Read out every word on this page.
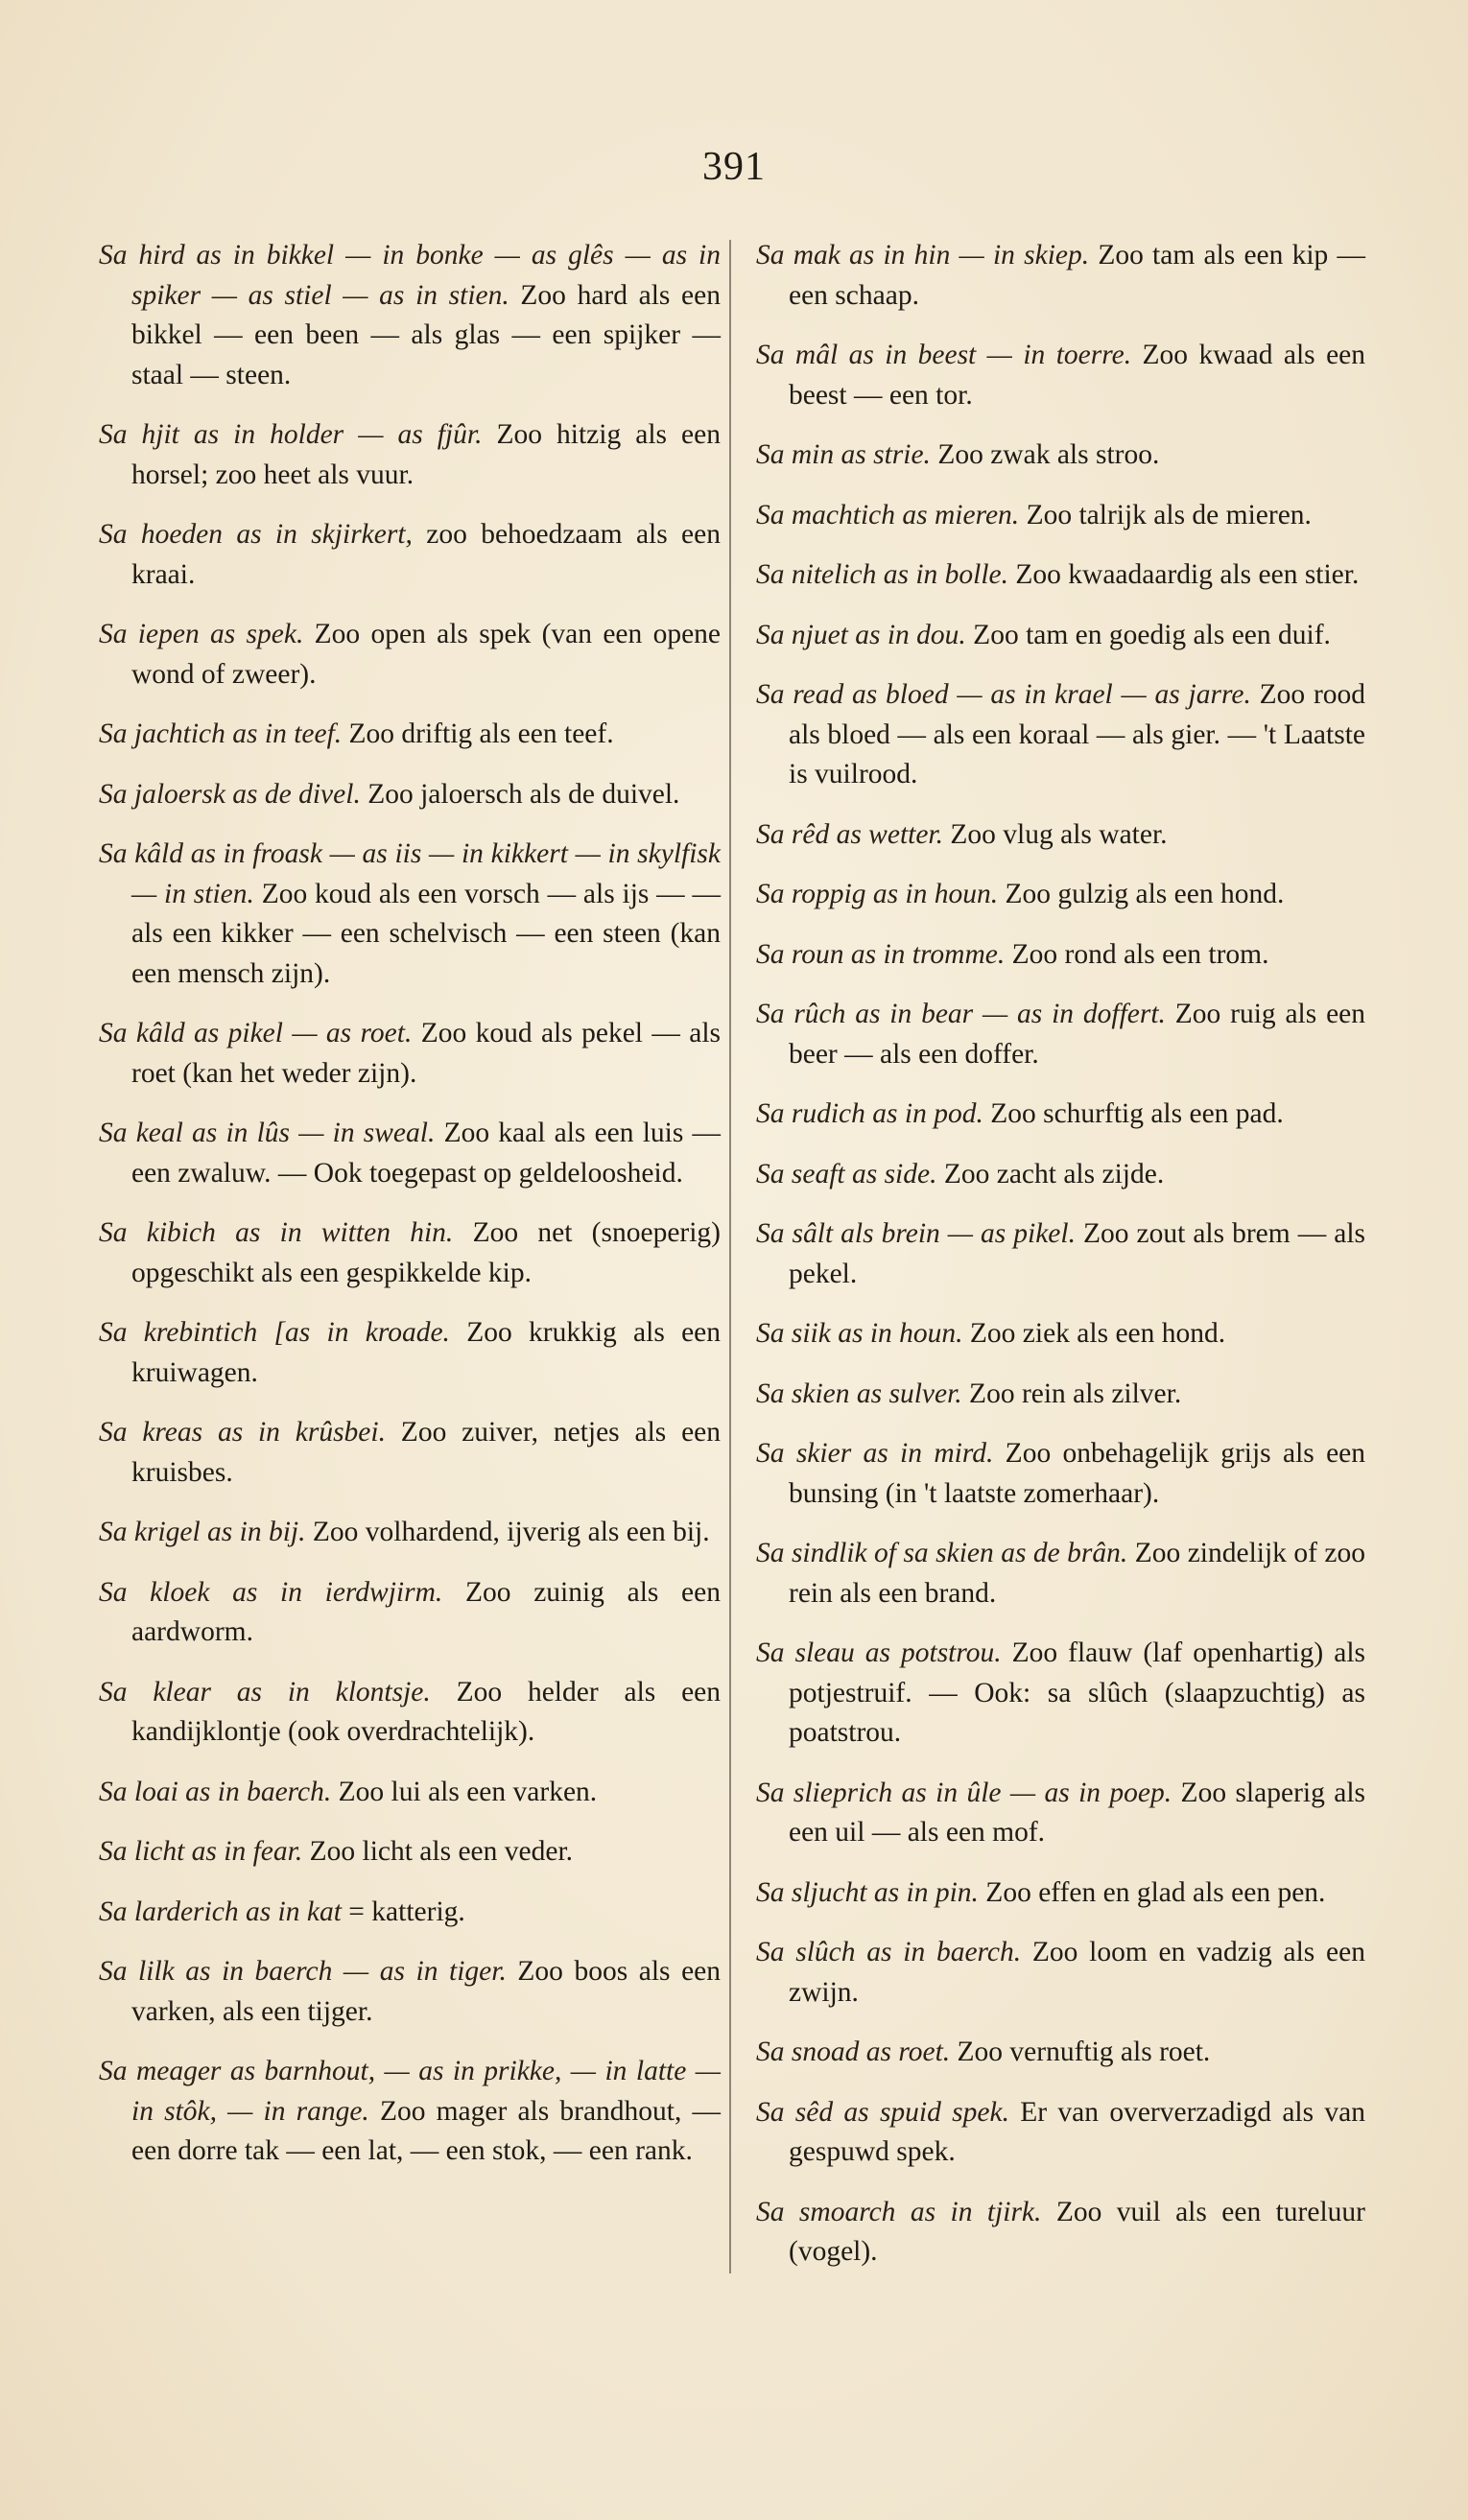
391

Sa hird as in bikkel — in bonke — as glês — as in spiker — as stiel — as in stien. Zoo hard als een bikkel — een been — als glas — een spijker — staal — steen.

Sa hjit as in holder — as fjûr. Zoo hitzig als een horsel; zoo heet als vuur.

Sa hoeden as in skjirkert, zoo behoedzaam als een kraai.

Sa iepen as spek. Zoo open als spek (van een opene wond of zweer).

Sa jachtich as in teef. Zoo driftig als een teef.

Sa jaloersk as de divel. Zoo jaloersch als de duivel.

Sa kâld as in froask — as iis — in kikkert — in skylfisk — in stien. Zoo koud als een vorsch — als ijs — — als een kikker — een schelvisch — een steen (kan een mensch zijn).

Sa kâld as pikel — as roet. Zoo koud als pekel — als roet (kan het weder zijn).

Sa keal as in lûs — in sweal. Zoo kaal als een luis — een zwaluw. — Ook toegepast op geldeloosheid.

Sa kibich as in witten hin. Zoo net (snoeperig) opgeschikt als een gespikkelde kip.

Sa krebintich [as in kroade. Zoo krukkig als een kruiwagen.

Sa kreas as in krûsbei. Zoo zuiver, netjes als een kruisbes.

Sa krigel as in bij. Zoo volhardend, ijverig als een bij.

Sa kloek as in ierdwjirm. Zoo zuinig als een aardworm.

Sa klear as in klontsje. Zoo helder als een kandijklontje (ook overdrachtelijk).

Sa loai as in baerch. Zoo lui als een varken.

Sa licht as in fear. Zoo licht als een veder.

Sa larderich as in kat = katterig.

Sa lilk as in baerch — as in tiger. Zoo boos als een varken, als een tijger.

Sa meager as barnhout, — as in prikke, — in latte — in stôk, — in range. Zoo mager als brandhout, — een dorre tak — een lat, — een stok, — een rank.

Sa mak as in hin — in skiep. Zoo tam als een kip — een schaap.

Sa mâl as in beest — in toerre. Zoo kwaad als een beest — een tor.

Sa min as strie. Zoo zwak als stroo.

Sa machtich as mieren. Zoo talrijk als de mieren.

Sa nitelich as in bolle. Zoo kwaadaardig als een stier.

Sa njuet as in dou. Zoo tam en goedig als een duif.

Sa read as bloed — as in krael — as jarre. Zoo rood als bloed — als een koraal — als gier. — 't Laatste is vuilrood.

Sa rêd as wetter. Zoo vlug als water.

Sa roppig as in houn. Zoo gulzig als een hond.

Sa roun as in tromme. Zoo rond als een trom.

Sa rûch as in bear — as in doffert. Zoo ruig als een beer — als een doffer.

Sa rudich as in pod. Zoo schurftig als een pad.

Sa seaft as side. Zoo zacht als zijde.

Sa sâlt als brein — as pikel. Zoo zout als brem — als pekel.

Sa siik as in houn. Zoo ziek als een hond.

Sa skien as sulver. Zoo rein als zilver.

Sa skier as in mird. Zoo onbehagelijk grijs als een bunsing (in 't laatste zomerhaar).

Sa sindlik of sa skien as de brân. Zoo zindelijk of zoo rein als een brand.

Sa sleau as potstrou. Zoo flauw (laf openhartig) als potjestruif. — Ook: sa slûch (slaapzuchtig) as poatstrou.

Sa slieprich as in ûle — as in poep. Zoo slaperig als een uil — als een mof.

Sa sljucht as in pin. Zoo effen en glad als een pen.

Sa slûch as in baerch. Zoo loom en vadzig als een zwijn.

Sa snoad as roet. Zoo vernuftig als roet.

Sa sêd as spuid spek. Er van oververzadigd als van gespuwd spek.

Sa smoarch as in tjirk. Zoo vuil als een tureluur (vogel).
